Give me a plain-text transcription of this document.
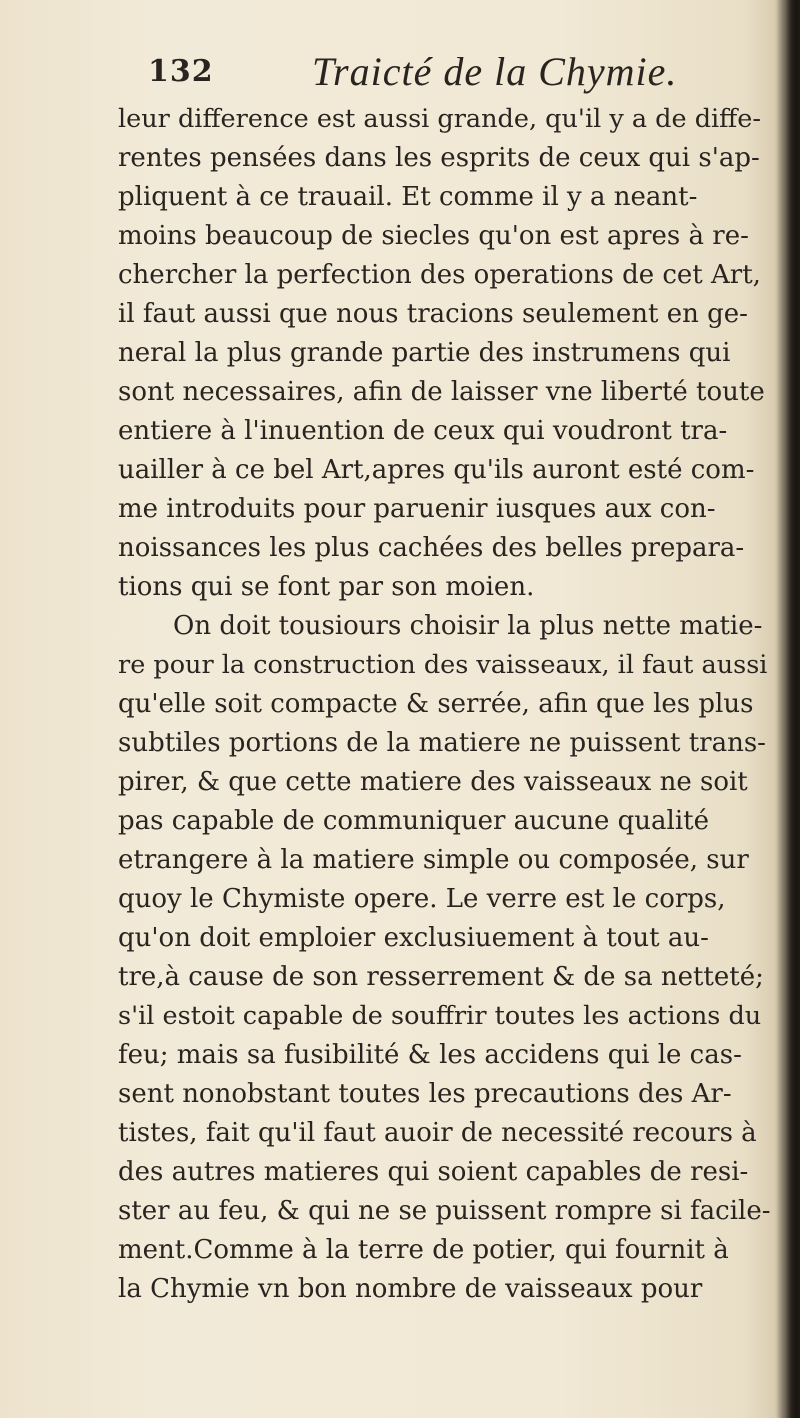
132 Traicté de la Chymie.
leur difference est aussi grande, qu'il y a de diffe-
rentes pensées dans les esprits de ceux qui s'ap-
pliquent à ce trauail. Et comme il y a neant-
moins beaucoup de siecles qu'on est apres à re-
chercher la perfection des operations de cet Art,
il faut aussi que nous tracions seulement en ge-
neral la plus grande partie des instrumens qui
sont necessaires, afin de laisser vne liberté toute
entiere à l'inuention de ceux qui voudront tra-
uailler à ce bel Art,apres qu'ils auront esté com-
me introduits pour paruenir iusques aux con-
noissances les plus cachées des belles prepara-
tions qui se font par son moien.
On doit tousiours choisir la plus nette matie-
re pour la construction des vaisseaux, il faut aussi
qu'elle soit compacte & serrée, afin que les plus
subtiles portions de la matiere ne puissent trans-
pirer, & que cette matiere des vaisseaux ne soit
pas capable de communiquer aucune qualité
etrangere à la matiere simple ou composée, sur
quoy le Chymiste opere. Le verre est le corps,
qu'on doit emploier exclusiuement à tout au-
tre,à cause de son resserrement & de sa netteté;
s'il estoit capable de souffrir toutes les actions du
feu; mais sa fusibilité & les accidens qui le cas-
sent nonobstant toutes les precautions des Ar-
tistes, fait qu'il faut auoir de necessité recours à
des autres matieres qui soient capables de resi-
ster au feu, & qui ne se puissent rompre si facile-
ment.Comme à la terre de potier, qui fournit à
la Chymie vn bon nombre de vaisseaux pour
